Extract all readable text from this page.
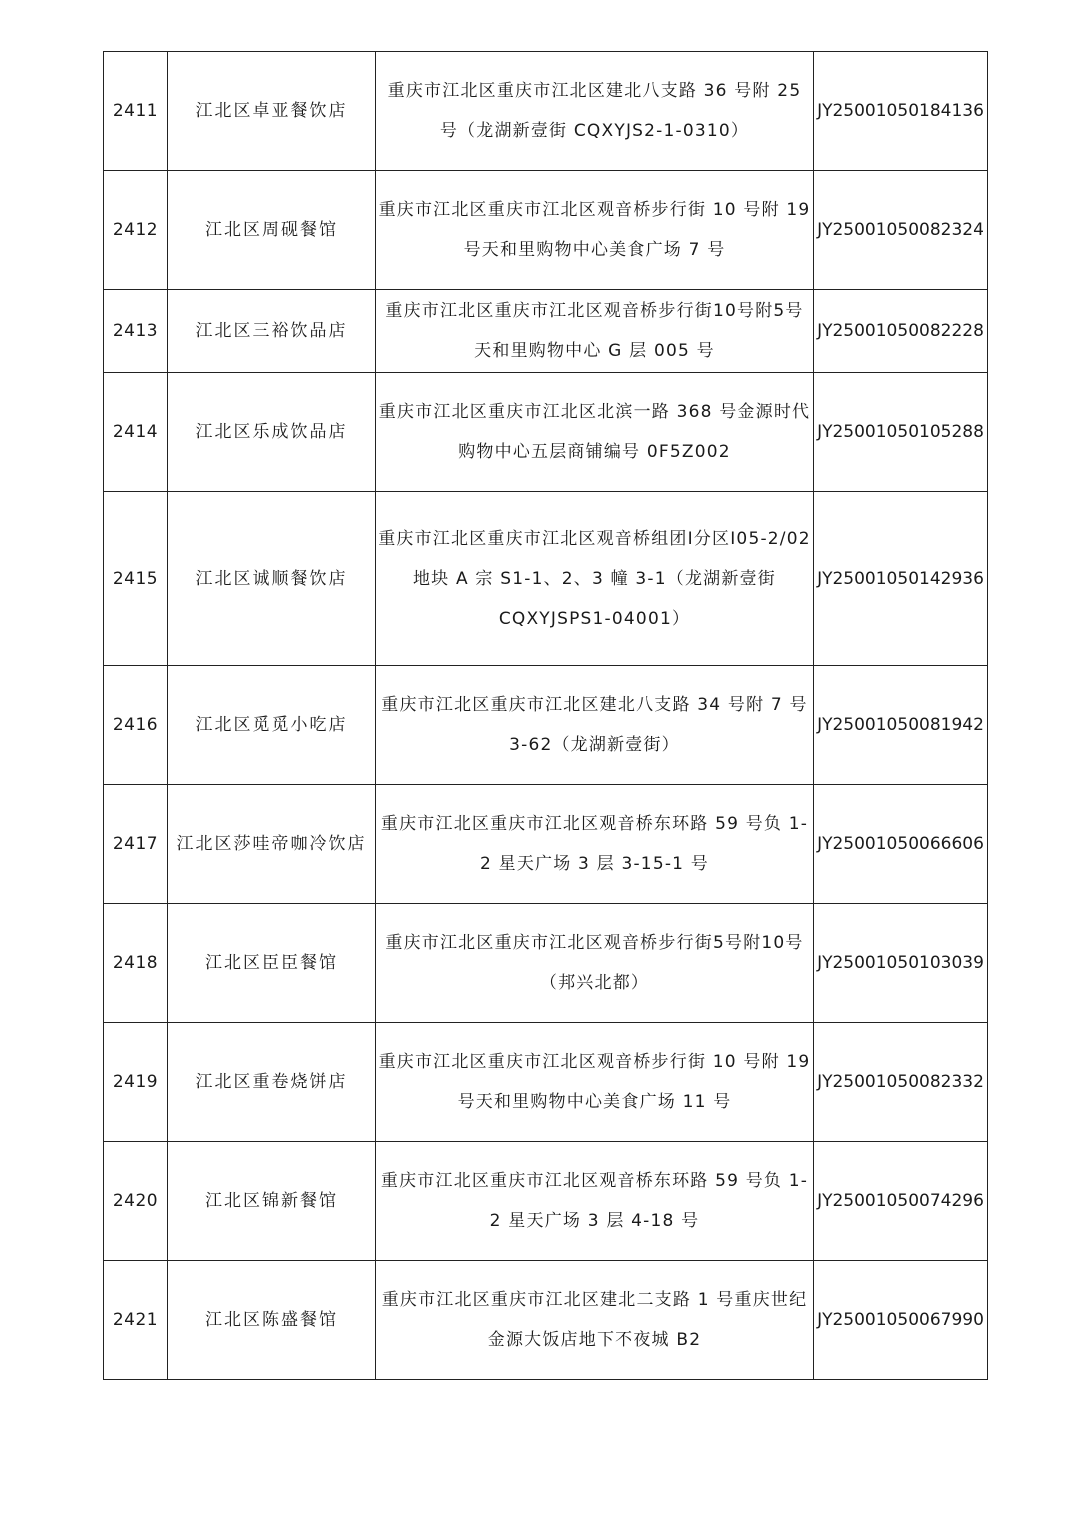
2411	江北区卓亚餐饮店	重庆市江北区重庆市江北区建北八支路 36 号附 25 号（龙湖新壹街 CQXYJS2-1-0310）	JY25001050184136
2412	江北区周砚餐馆	重庆市江北区重庆市江北区观音桥步行街 10 号附 19 号天和里购物中心美食广场 7 号	JY25001050082324
2413	江北区三裕饮品店	重庆市江北区重庆市江北区观音桥步行街10号附5号天和里购物中心 G 层 005 号	JY25001050082228
2414	江北区乐成饮品店	重庆市江北区重庆市江北区北滨一路 368 号金源时代购物中心五层商铺编号 0F5Z002	JY25001050105288
2415	江北区诚顺餐饮店	重庆市江北区重庆市江北区观音桥组团Ⅰ分区Ⅰ05-2/02 地块 A 宗 S1-1、2、3 幢 3-1（龙湖新壹街 CQXYJSPS1-04001）	JY25001050142936
2416	江北区觅觅小吃店	重庆市江北区重庆市江北区建北八支路 34 号附 7 号 3-62（龙湖新壹街）	JY25001050081942
2417	江北区莎哇帝咖冷饮店	重庆市江北区重庆市江北区观音桥东环路 59 号负 1-2 星天广场 3 层 3-15-1 号	JY25001050066606
2418	江北区臣臣餐馆	重庆市江北区重庆市江北区观音桥步行街5号附10号（邦兴北都）	JY25001050103039
2419	江北区重卷烧饼店	重庆市江北区重庆市江北区观音桥步行街 10 号附 19 号天和里购物中心美食广场 11 号	JY25001050082332
2420	江北区锦新餐馆	重庆市江北区重庆市江北区观音桥东环路 59 号负 1-2 星天广场 3 层 4-18 号	JY25001050074296
2421	江北区陈盛餐馆	重庆市江北区重庆市江北区建北二支路 1 号重庆世纪金源大饭店地下不夜城 B2	JY25001050067990
